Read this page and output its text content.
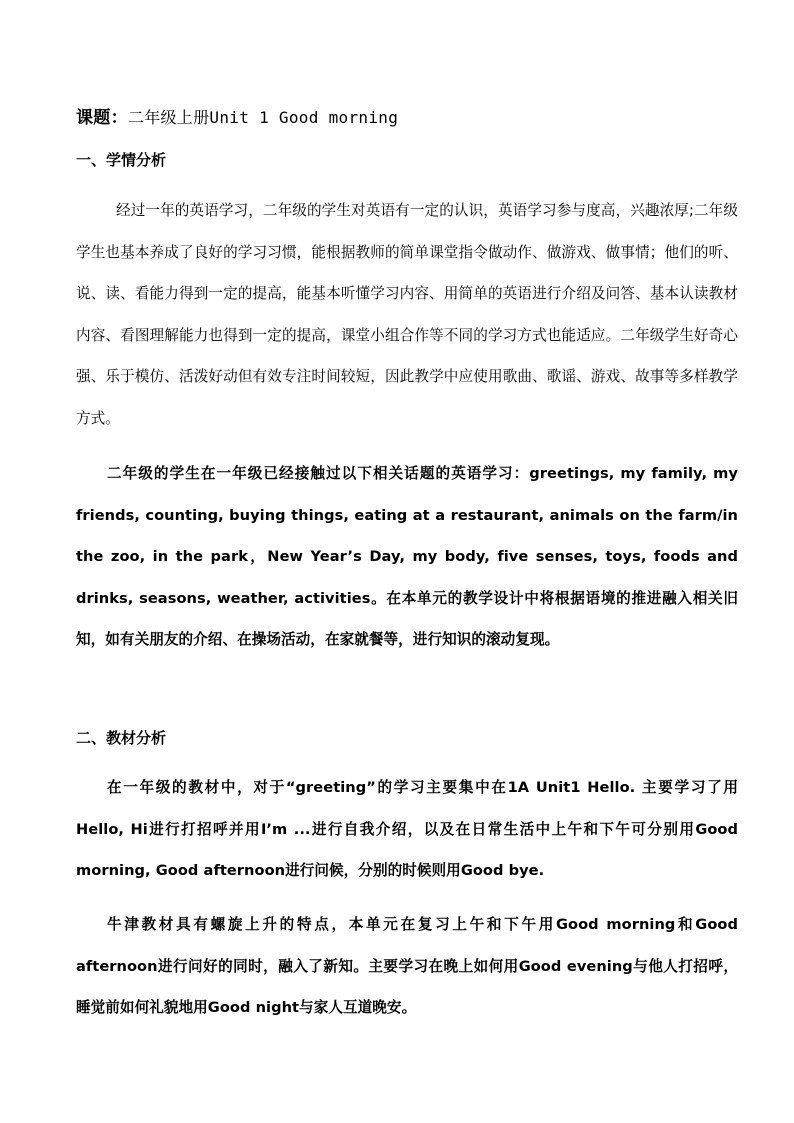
课题：二年级上册Unit 1 Good morning
一、学情分析

经过一年的英语学习，二年级的学生对英语有一定的认识，英语学习参与度高，兴趣浓厚;二年级学生也基本养成了良好的学习习惯，能根据教师的简单课堂指令做动作、做游戏、做事情；他们的听、说、读、看能力得到一定的提高，能基本听懂学习内容、用简单的英语进行介绍及问答、基本认读教材内容、看图理解能力也得到一定的提高，课堂小组合作等不同的学习方式也能适应。二年级学生好奇心强、乐于模仿、活泼好动但有效专注时间较短，因此教学中应使用歌曲、歌谣、游戏、故事等多样教学方式。

二年级的学生在一年级已经接触过以下相关话题的英语学习：greetings, my family, my friends, counting, buying things, eating at a restaurant, animals on the farm/in the zoo, in the park，New Year’s Day, my body, five senses, toys, foods and drinks, seasons, weather, activities。在本单元的教学设计中将根据语境的推进融入相关旧知，如有关朋友的介绍、在操场活动，在家就餐等，进行知识的滚动复现。

二、教材分析

在一年级的教材中，对于“greeting”的学习主要集中在1A Unit1 Hello. 主要学习了用Hello, Hi进行打招呼并用I’m ...进行自我介绍，以及在日常生活中上午和下午可分别用Good morning, Good afternoon进行问候，分别的时候则用Good bye.

牛津教材具有螺旋上升的特点，本单元在复习上午和下午用Good morning和Good afternoon进行问好的同时，融入了新知。主要学习在晚上如何用Good evening与他人打招呼，睡觉前如何礼貌地用Good night与家人互道晚安。
